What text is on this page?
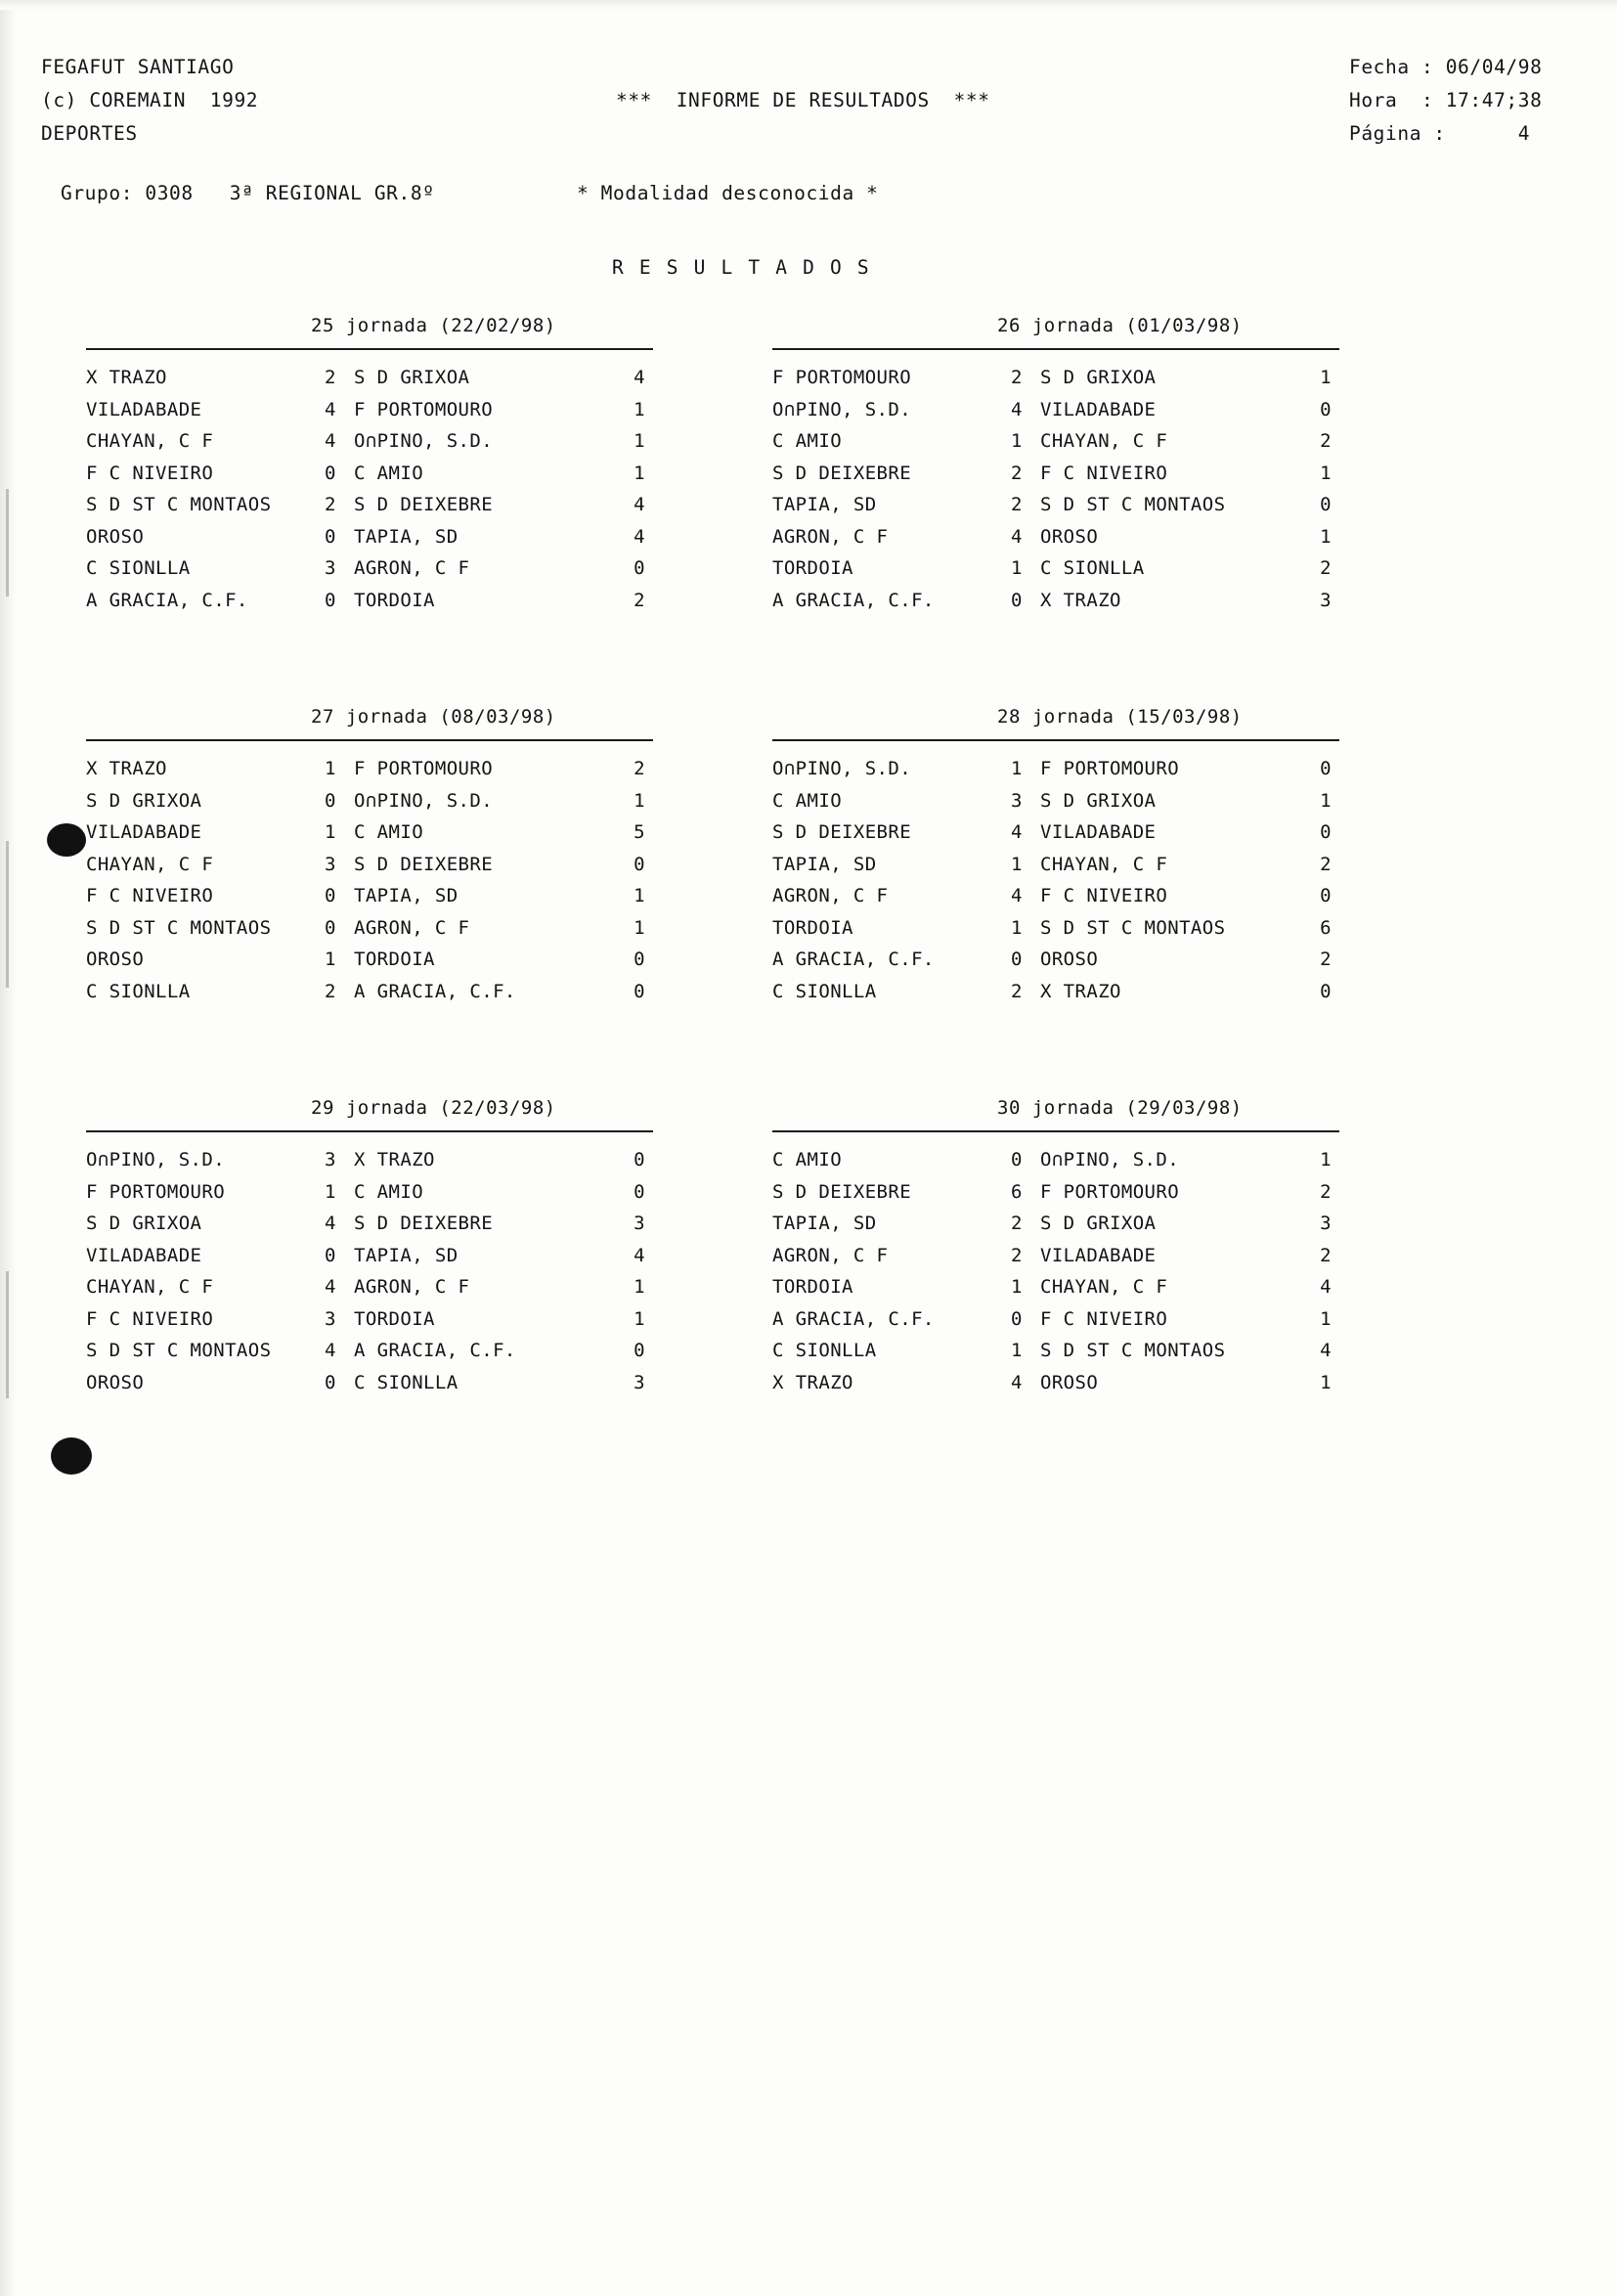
FEGAFUT SANTIAGO
(c) COREMAIN  1992
DEPORTES
***  INFORME DE RESULTADOS  ***
Fecha : 06/04/98
Hora  : 17:47;38
Página :      4
Grupo: 0308   3ª REGIONAL GR.8º	* Modalidad desconocida *
R E S U L T A D O S
25 jornada (22/02/98)
X TRAZO	2 S D GRIXOA	4
VILADABADE	4 F PORTOMOURO	1
CHAYAN, C F	4 O∩PINO, S.D.	1
F C NIVEIRO	0 C AMIO	1
S D ST C MONTAOS	2 S D DEIXEBRE	4
OROSO	0 TAPIA, SD	4
C SIONLLA	3 AGRON, C F	0
A GRACIA, C.F.	0 TORDOIA	2
26 jornada (01/03/98)
F PORTOMOURO	2 S D GRIXOA	1
O∩PINO, S.D.	4 VILADABADE	0
C AMIO	1 CHAYAN, C F	2
S D DEIXEBRE	2 F C NIVEIRO	1
TAPIA, SD	2 S D ST C MONTAOS	0
AGRON, C F	4 OROSO	1
TORDOIA	1 C SIONLLA	2
A GRACIA, C.F.	0 X TRAZO	3
27 jornada (08/03/98)
X TRAZO	1 F PORTOMOURO	2
S D GRIXOA	0 O∩PINO, S.D.	1
VILADABADE	1 C AMIO	5
CHAYAN, C F	3 S D DEIXEBRE	0
F C NIVEIRO	0 TAPIA, SD	1
S D ST C MONTAOS	0 AGRON, C F	1
OROSO	1 TORDOIA	0
C SIONLLA	2 A GRACIA, C.F.	0
28 jornada (15/03/98)
O∩PINO, S.D.	1 F PORTOMOURO	0
C AMIO	3 S D GRIXOA	1
S D DEIXEBRE	4 VILADABADE	0
TAPIA, SD	1 CHAYAN, C F	2
AGRON, C F	4 F C NIVEIRO	0
TORDOIA	1 S D ST C MONTAOS	6
A GRACIA, C.F.	0 OROSO	2
C SIONLLA	2 X TRAZO	0
29 jornada (22/03/98)
O∩PINO, S.D.	3 X TRAZO	0
F PORTOMOURO	1 C AMIO	0
S D GRIXOA	4 S D DEIXEBRE	3
VILADABADE	0 TAPIA, SD	4
CHAYAN, C F	4 AGRON, C F	1
F C NIVEIRO	3 TORDOIA	1
S D ST C MONTAOS	4 A GRACIA, C.F.	0
OROSO	0 C SIONLLA	3
30 jornada (29/03/98)
C AMIO	0 O∩PINO, S.D.	1
S D DEIXEBRE	6 F PORTOMOURO	2
TAPIA, SD	2 S D GRIXOA	3
AGRON, C F	2 VILADABADE	2
TORDOIA	1 CHAYAN, C F	4
A GRACIA, C.F.	0 F C NIVEIRO	1
C SIONLLA	1 S D ST C MONTAOS	4
X TRAZO	4 OROSO	1
